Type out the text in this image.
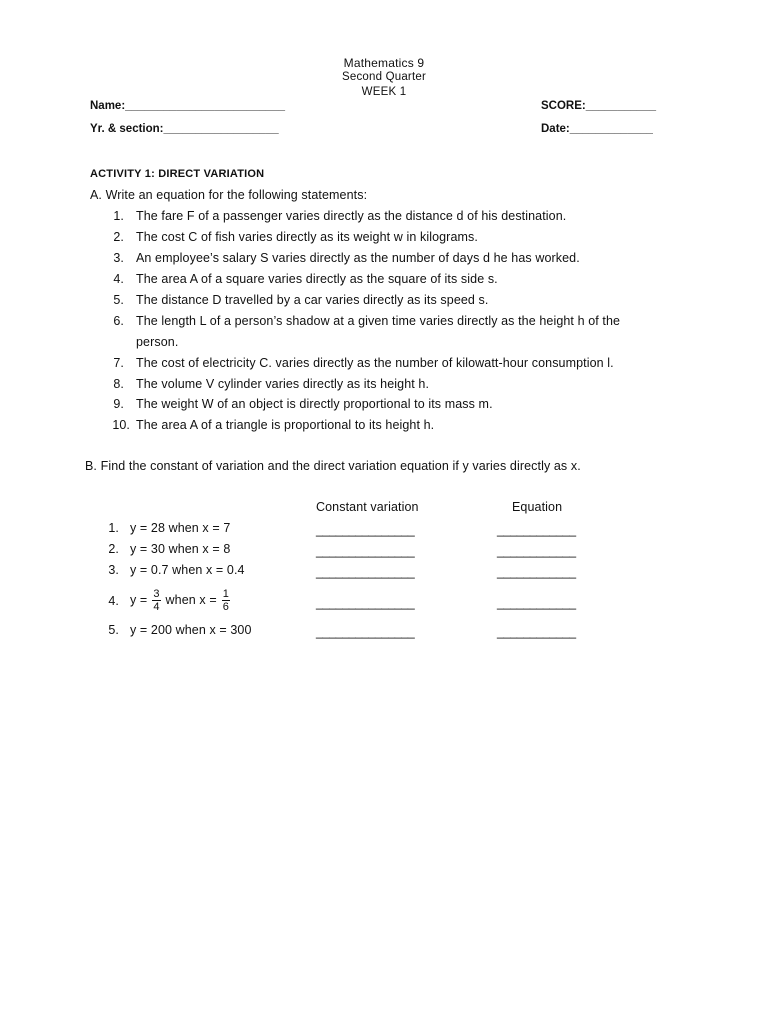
Mathematics 9
Second Quarter
WEEK 1
Name:_________________________	SCORE:___________
Yr. & section:__________________	Date:_____________
ACTIVITY 1: DIRECT VARIATION
A. Write an equation for the following statements:
1. The fare F of a passenger varies directly as the distance d of his destination.
2. The cost C of fish varies directly as its weight w in kilograms.
3. An employee’s salary S varies directly as the number of days d he has worked.
4. The area A of a square varies directly as the square of its side s.
5. The distance D travelled by a car varies directly as its speed s.
6. The length L of a person’s shadow at a given time varies directly as the height h of the
person.
7. The cost of electricity C. varies directly as the number of kilowatt-hour consumption l.
8. The volume V cylinder varies directly as its height h.
9. The weight W of an object is directly proportional to its mass m.
10. The area A of a triangle is proportional to its height h.
B. Find the constant of variation and the direct variation equation if y varies directly as x.
Constant variation	Equation
1. y = 28 when x = 7	_______________	____________
2. y = 30 when x = 8	_______________	____________
3. y = 0.7 when x = 0.4	_______________	____________
4. $y = \frac{3}{4}$ when $x = \frac{1}{6}$	_______________	____________
5. y = 200 when x = 300	_______________	____________
